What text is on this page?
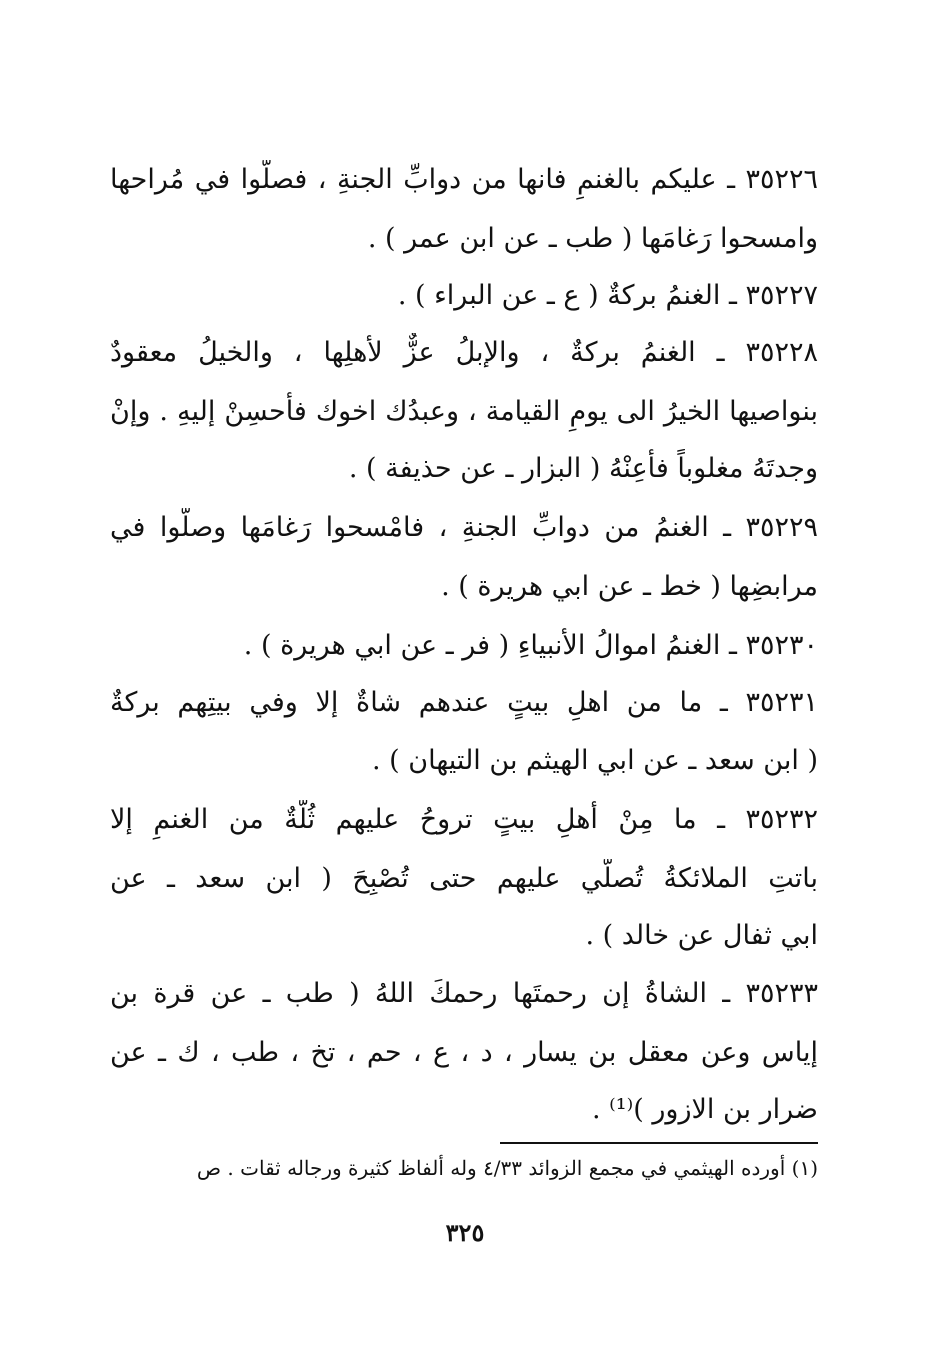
٣٥٢٢٦ ـ عليكم بالغنمِ فانها من دوابِّ الجنةِ ، فصلّوا في مُراحها
وامسحوا رَغامَها ( طب ـ عن ابن عمر ) .
٣٥٢٢٧ ـ الغنمُ بركةٌ ( ع ـ عن البراء ) .
٣٥٢٢٨ ـ الغنمُ بركةٌ ، والإبلُ عزٌّ لأهلِها ، والخيلُ معقودٌ
بنواصيها الخيرُ الى يومِ القيامة ، وعبدُك اخوك فأحسِنْ إليهِ . وإنْ
وجدتَهُ مغلوباً فأعِنْهُ ( البزار ـ عن حذيفة ) .
٣٥٢٢٩ ـ الغنمُ من دوابِّ الجنةِ ، فامْسحوا رَغامَها وصلّوا في
مرابضِها ( خط ـ عن ابي هريرة ) .
٣٥٢٣٠ ـ الغنمُ اموالُ الأنبياءِ ( فر ـ عن ابي هريرة ) .
٣٥٢٣١ ـ ما من اهلِ بيتٍ عندهم شاةٌ إلا وفي بيتِهم بركةٌ
( ابن سعد ـ عن ابي الهيثم بن التيهان ) .
٣٥٢٣٢ ـ ما مِنْ أهلِ بيتٍ تروحُ عليهم ثُلّةٌ من الغنمِ إلا
باتتِ الملائكةُ تُصلّي عليهم حتى تُصْبِحَ ( ابن سعد ـ عن
ابي ثفال عن خالد ) .
٣٥٢٣٣ ـ الشاةُ إن رحمتَها رحمكَ اللهُ ( طب ـ عن قرة بن
إياس وعن معقل بن يسار ، د ، ع ، حم ، تخ ، طب ، ك ـ عن
ضرار بن الازور )⁽¹⁾ .
(١) أورده الهيثمي في مجمع الزوائد ٤/٣٣ وله ألفاظ كثيرة ورجاله ثقات . ص
٣٢٥
